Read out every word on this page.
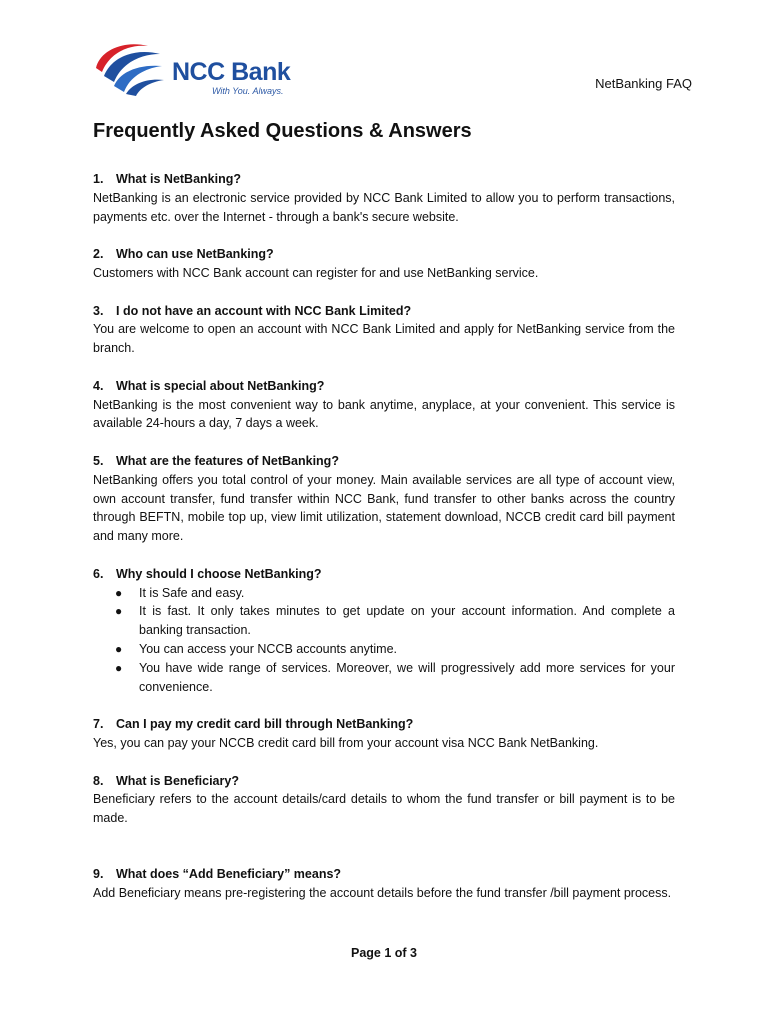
NCC Bank
With You. Always.	NetBanking FAQ
Frequently Asked Questions & Answers

1.	What is NetBanking?

NetBanking is an electronic service provided by NCC Bank Limited to allow you to perform transactions, payments etc. over the Internet - through a bank's secure website.

2.	Who can use NetBanking?

Customers with NCC Bank account can register for and use NetBanking service.

3.	I do not have an account with NCC Bank Limited?

You are welcome to open an account with NCC Bank Limited and apply for NetBanking service from the branch.

4.	What is special about NetBanking?

NetBanking is the most convenient way to bank anytime, anyplace, at your convenient. This service is available 24-hours a day, 7 days a week.

5.	What are the features of NetBanking?

NetBanking offers you total control of your money. Main available services are all type of account view, own account transfer, fund transfer within NCC Bank, fund transfer to other banks across the country through BEFTN, mobile top up, view limit utilization, statement download, NCCB credit card bill payment and many more.

6.	Why should I choose NetBanking?

● It is Safe and easy.
● It is fast. It only takes minutes to get update on your account information. And complete a banking transaction.
● You can access your NCCB accounts anytime.
● You have wide range of services. Moreover, we will progressively add more services for your convenience.

7.	Can I pay my credit card bill through NetBanking?

Yes, you can pay your NCCB credit card bill from your account visa NCC Bank NetBanking.

8.	What is Beneficiary?

Beneficiary refers to the account details/card details to whom the fund transfer or bill payment is to be made.

9.	What does “Add Beneficiary” means?

Add Beneficiary means pre-registering the account details before the fund transfer /bill payment process.

Page 1 of 3
